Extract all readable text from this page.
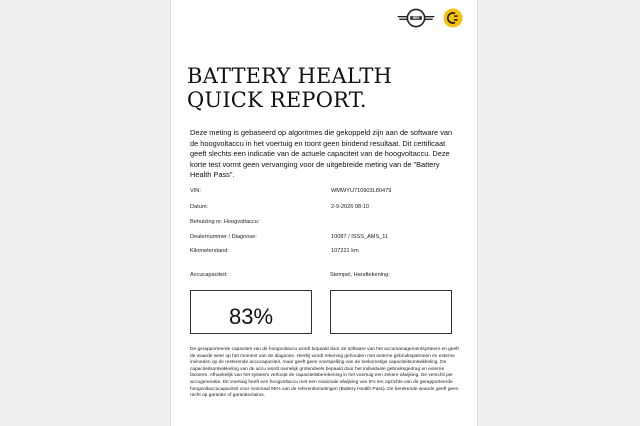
MINI
BATTERY HEALTH
QUICK REPORT.

Deze meting is gebaseerd op algoritmes die gekoppeld zijn aan de software van de hoogvoltaccu in het voertuig en toont geen bindend resultaat. Dit certificaat geeft slechts een indicatie van de actuele capaciteit van de hoogvoltaccu. Deze korte test vormt geen vervanging voor de uitgebreide meting van de "Battery Health Pass".

VIN:	WMWYU710903L80479
Datum:	2-9-2026 08:10
Behuizing nr. Hoogvoltaccu:
Dealernummer / Diagnose:	10087 / ISSS_AMS_11
Kilometerstand:	107221 km
Accucapaciteit:	Stempel, Handtekening:
83%

De gerapporteerde capaciteit van de hoogvoltaccu wordt bepaald door de software van het accumanagementsysteem en geeft de waarde weer op het moment van de diagnose. Hierbij wordt rekening gehouden met externe gebruikspatronen en externe invloeden op de resterende accucapaciteit, maar geeft geen voorspelling van de toekomstige capaciteitsontwikkeling. De capaciteitsontwikkeling van de accu wordt namelijk grotendeels bepaald door het individuele gebruiksgedrag en externe factoren. Afhankelijk van het systeem verloopt de capaciteitsberekening in het voertuig een zekere afwijking. De verschil per accugeneratie. Dit voertuig heeft een hoogvoltaccu met een maximale afwijking van 5% ten opzichte van de gerapporteerde hoogvoltaccucapaciteit voor minimaal 95% van de referentiemetingen (Battery Health Pass). De berekende waarde geeft geen recht op garantie of garantieclaims.
